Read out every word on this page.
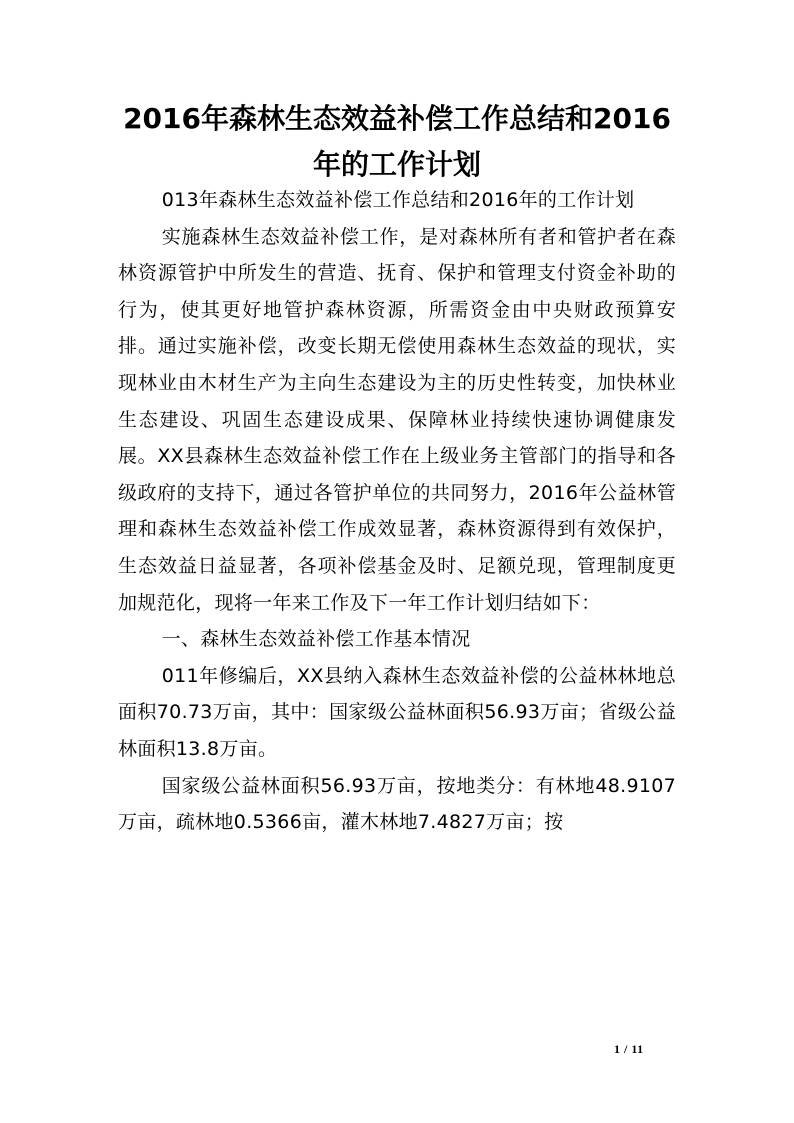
2016年森林生态效益补偿工作总结和2016年的工作计划

013年森林生态效益补偿工作总结和2016年的工作计划

实施森林生态效益补偿工作，是对森林所有者和管护者在森林资源管护中所发生的营造、抚育、保护和管理支付资金补助的行为，使其更好地管护森林资源，所需资金由中央财政预算安排。通过实施补偿，改变长期无偿使用森林生态效益的现状，实现林业由木材生产为主向生态建设为主的历史性转变，加快林业生态建设、巩固生态建设成果、保障林业持续快速协调健康发展。XX县森林生态效益补偿工作在上级业务主管部门的指导和各级政府的支持下，通过各管护单位的共同努力，2016年公益林管理和森林生态效益补偿工作成效显著，森林资源得到有效保护，生态效益日益显著，各项补偿基金及时、足额兑现，管理制度更加规范化，现将一年来工作及下一年工作计划归结如下：

一、森林生态效益补偿工作基本情况

011年修编后，XX县纳入森林生态效益补偿的公益林林地总面积70.73万亩，其中：国家级公益林面积56.93万亩；省级公益林面积13.8万亩。

国家级公益林面积56.93万亩，按地类分：有林地48.9107万亩，疏林地0.5366亩，灌木林地7.4827万亩；按

1 / 11
